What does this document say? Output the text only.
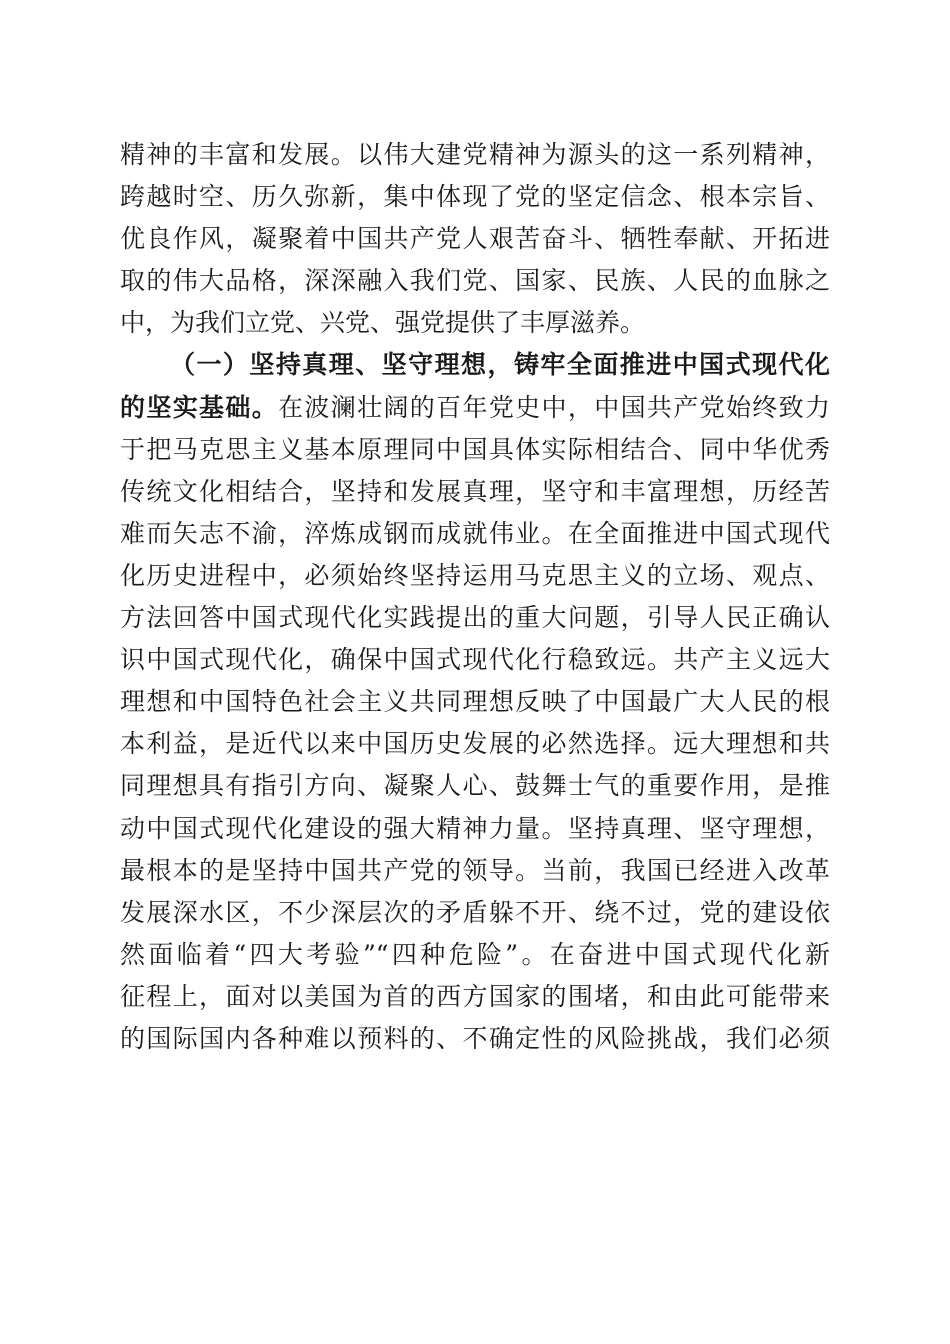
精神的丰富和发展。以伟大建党精神为源头的这一系列精神，
跨越时空、历久弥新，集中体现了党的坚定信念、根本宗旨、
优良作风，凝聚着中国共产党人艰苦奋斗、牺牲奉献、开拓进
取的伟大品格，深深融入我们党、国家、民族、人民的血脉之
中，为我们立党、兴党、强党提供了丰厚滋养。
（一）坚持真理、坚守理想，铸牢全面推进中国式现代化
的坚实基础。在波澜壮阔的百年党史中，中国共产党始终致力
于把马克思主义基本原理同中国具体实际相结合、同中华优秀
传统文化相结合，坚持和发展真理，坚守和丰富理想，历经苦
难而矢志不渝，淬炼成钢而成就伟业。在全面推进中国式现代
化历史进程中，必须始终坚持运用马克思主义的立场、观点、
方法回答中国式现代化实践提出的重大问题，引导人民正确认
识中国式现代化，确保中国式现代化行稳致远。共产主义远大
理想和中国特色社会主义共同理想反映了中国最广大人民的根
本利益，是近代以来中国历史发展的必然选择。远大理想和共
同理想具有指引方向、凝聚人心、鼓舞士气的重要作用，是推
动中国式现代化建设的强大精神力量。坚持真理、坚守理想，
最根本的是坚持中国共产党的领导。当前，我国已经进入改革
发展深水区，不少深层次的矛盾躲不开、绕不过，党的建设依
然面临着“四大考验”“四种危险”。在奋进中国式现代化新
征程上，面对以美国为首的西方国家的围堵，和由此可能带来
的国际国内各种难以预料的、不确定性的风险挑战，我们必须
